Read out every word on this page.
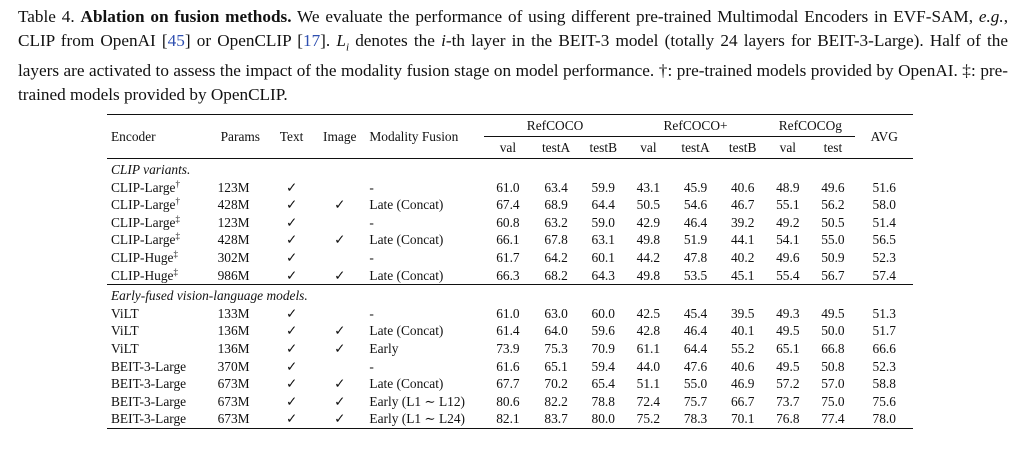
Table 4. Ablation on fusion methods. We evaluate the performance of using different pre-trained Multimodal Encoders in EVF-SAM, e.g., CLIP from OpenAI [45] or OpenCLIP [17]. $L_i$ denotes the i-th layer in the BEIT-3 model (totally 24 layers for BEIT-3-Large). Half of the layers are activated to assess the impact of the modality fusion stage on model performance. †: pre-trained models provided by OpenAI. ‡: pre-trained models provided by OpenCLIP.
Encoder	Params	Text	Image	Modality Fusion	RefCOCO			RefCOCO+			RefCOCOg		AVG
					val	testA	testB	val	testA	testB	val	test	
CLIP variants.													
CLIP-Large†	123M	✓		-	61.0	63.4	59.9	43.1	45.9	40.6	48.9	49.6	51.6
CLIP-Large†	428M	✓	✓	Late (Concat)	67.4	68.9	64.4	50.5	54.6	46.7	55.1	56.2	58.0
CLIP-Large‡	123M	✓		-	60.8	63.2	59.0	42.9	46.4	39.2	49.2	50.5	51.4
CLIP-Large‡	428M	✓	✓	Late (Concat)	66.1	67.8	63.1	49.8	51.9	44.1	54.1	55.0	56.5
CLIP-Huge‡	302M	✓		-	61.7	64.2	60.1	44.2	47.8	40.2	49.6	50.9	52.3
CLIP-Huge‡	986M	✓	✓	Late (Concat)	66.3	68.2	64.3	49.8	53.5	45.1	55.4	56.7	57.4
Early-fused vision-language models.													
ViLT	133M	✓		-	61.0	63.0	60.0	42.5	45.4	39.5	49.3	49.5	51.3
ViLT	136M	✓	✓	Late (Concat)	61.4	64.0	59.6	42.8	46.4	40.1	49.5	50.0	51.7
ViLT	136M	✓	✓	Early	73.9	75.3	70.9	61.1	64.4	55.2	65.1	66.8	66.6
BEIT-3-Large	370M	✓		-	61.6	65.1	59.4	44.0	47.6	40.6	49.5	50.8	52.3
BEIT-3-Large	673M	✓	✓	Late (Concat)	67.7	70.2	65.4	51.1	55.0	46.9	57.2	57.0	58.8
BEIT-3-Large	673M	✓	✓	Early (L1 ∼ L12)	80.6	82.2	78.8	72.4	75.7	66.7	73.7	75.0	75.6
BEIT-3-Large	673M	✓	✓	Early (L1 ∼ L24)	82.1	83.7	80.0	75.2	78.3	70.1	76.8	77.4	78.0
